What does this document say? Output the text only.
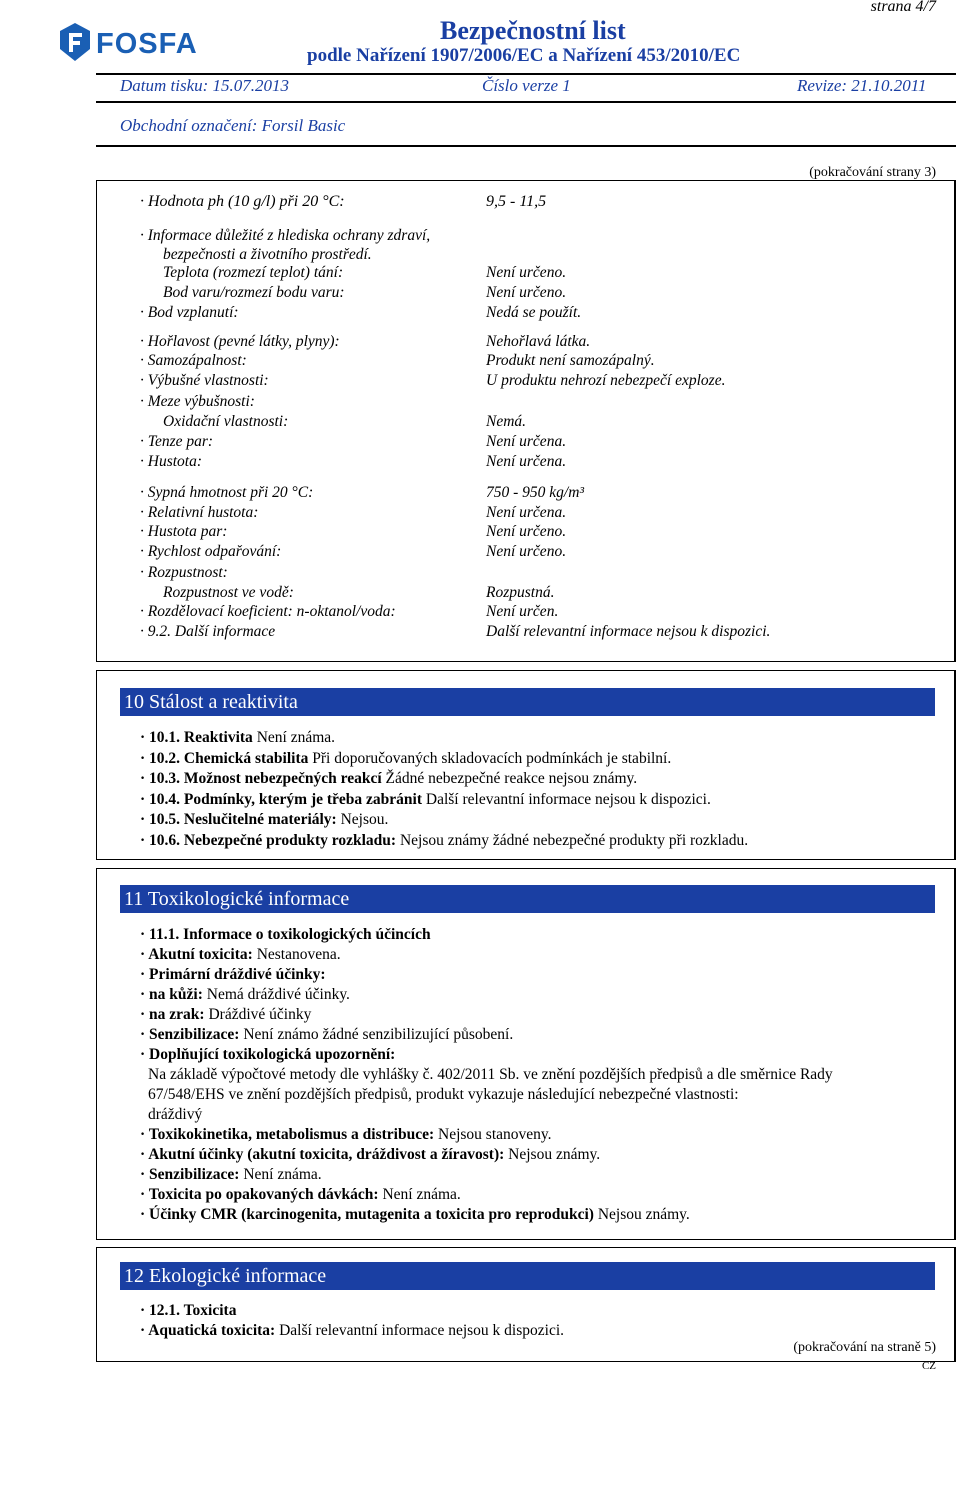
FOSFA	Bezpečnostní list
strana 4/7
podle Nařízení 1907/2006/EC a Nařízení 453/2010/EC
Datum tisku: 15.07.2013	Číslo verze 1	Revize: 21.10.2011
Obchodní označení: Forsil Basic
(pokračování strany 3)
· Hodnota ph (10 g/l) při 20 °C:	9,5 - 11,5
· Informace důležité z hlediska ochrany zdraví,
bezpečnosti a životního prostředí.
Teplota (rozmezí teplot) tání:	Není určeno.
Bod varu/rozmezí bodu varu:	Není určeno.
· Bod vzplanutí:	Nedá se použít.
· Hořlavost (pevné látky, plyny):	Nehořlavá látka.
· Samozápalnost:	Produkt není samozápalný.
· Výbušné vlastnosti:	U produktu nehrozí nebezpečí exploze.
· Meze výbušnosti:
Oxidační vlastnosti:	Nemá.
· Tenze par:	Není určena.
· Hustota:	Není určena.
· Sypná hmotnost při 20 °C:	750 - 950 kg/m³
· Relativní hustota:	Není určena.
· Hustota par:	Není určeno.
· Rychlost odpařování:	Není určeno.
· Rozpustnost:
Rozpustnost ve vodě:	Rozpustná.
· Rozdělovací koeficient: n-oktanol/voda:	Není určen.
· 9.2. Další informace	Další relevantní informace nejsou k dispozici.
10 Stálost a reaktivita
· 10.1. Reaktivita Není známa.
· 10.2. Chemická stabilita Při doporučovaných skladovacích podmínkách je stabilní.
· 10.3. Možnost nebezpečných reakcí Žádné nebezpečné reakce nejsou známy.
· 10.4. Podmínky, kterým je třeba zabránit Další relevantní informace nejsou k dispozici.
· 10.5. Neslučitelné materiály: Nejsou.
· 10.6. Nebezpečné produkty rozkladu: Nejsou známy žádné nebezpečné produkty při rozkladu.
11 Toxikologické informace
· 11.1. Informace o toxikologických účincích
· Akutní toxicita: Nestanovena.
· Primární dráždivé účinky:
· na kůži: Nemá dráždivé účinky.
· na zrak: Dráždivé účinky
· Senzibilizace: Není známo žádné senzibilizující působení.
· Doplňující toxikologická upozornění:
Na základě výpočtové metody dle vyhlášky č. 402/2011 Sb. ve znění pozdějších předpisů a dle směrnice Rady
67/548/EHS ve znění pozdějších předpisů, produkt vykazuje následující nebezpečné vlastnosti:
dráždivý
· Toxikokinetika, metabolismus a distribuce: Nejsou stanoveny.
· Akutní účinky (akutní toxicita, dráždivost a žíravost): Nejsou známy.
· Senzibilizace: Není známa.
· Toxicita po opakovaných dávkách: Není známa.
· Účinky CMR (karcinogenita, mutagenita a toxicita pro reprodukci) Nejsou známy.
12 Ekologické informace
· 12.1. Toxicita
· Aquatická toxicita: Další relevantní informace nejsou k dispozici.
(pokračování na straně 5)
CZ
